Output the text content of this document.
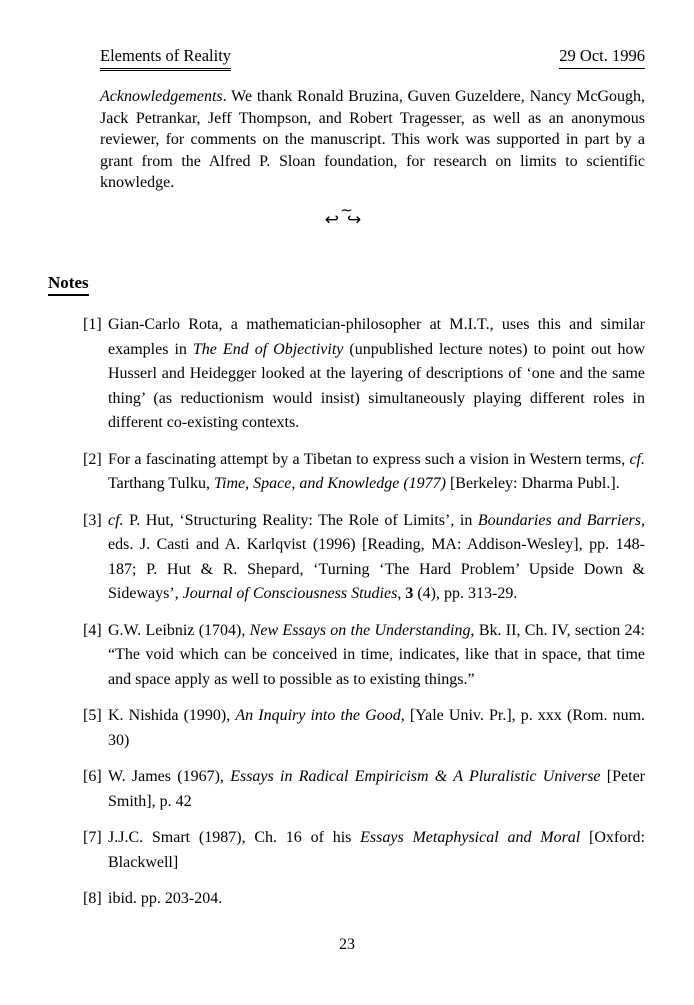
Elements of Reality	29 Oct. 1996
Acknowledgements. We thank Ronald Bruzina, Guven Guzeldere, Nancy McGough, Jack Petrankar, Jeff Thompson, and Robert Tragesser, as well as an anonymous reviewer, for comments on the manuscript. This work was supported in part by a grant from the Alfred P. Sloan foundation, for research on limits to scientific knowledge.
∼
↩↪
Notes
[1] Gian-Carlo Rota, a mathematician-philosopher at M.I.T., uses this and similar examples in The End of Objectivity (unpublished lecture notes) to point out how Husserl and Heidegger looked at the layering of descriptions of ‘one and the same thing’ (as reductionism would insist) simultaneously playing different roles in different co-existing contexts.
[2] For a fascinating attempt by a Tibetan to express such a vision in Western terms, cf. Tarthang Tulku, Time, Space, and Knowledge (1977) [Berkeley: Dharma Publ.].
[3] cf. P. Hut, ‘Structuring Reality: The Role of Limits’, in Boundaries and Barriers, eds. J. Casti and A. Karlqvist (1996) [Reading, MA: Addison-Wesley], pp. 148-187; P. Hut & R. Shepard, ‘Turning ‘The Hard Problem’ Upside Down & Sideways’, Journal of Consciousness Studies, 3 (4), pp. 313-29.
[4] G.W. Leibniz (1704), New Essays on the Understanding, Bk. II, Ch. IV, section 24: “The void which can be conceived in time, indicates, like that in space, that time and space apply as well to possible as to existing things.”
[5] K. Nishida (1990), An Inquiry into the Good, [Yale Univ. Pr.], p. xxx (Rom. num. 30)
[6] W. James (1967), Essays in Radical Empiricism & A Pluralistic Universe [Peter Smith], p. 42
[7] J.J.C. Smart (1987), Ch. 16 of his Essays Metaphysical and Moral [Oxford: Blackwell]
[8] ibid. pp. 203-204.
23
